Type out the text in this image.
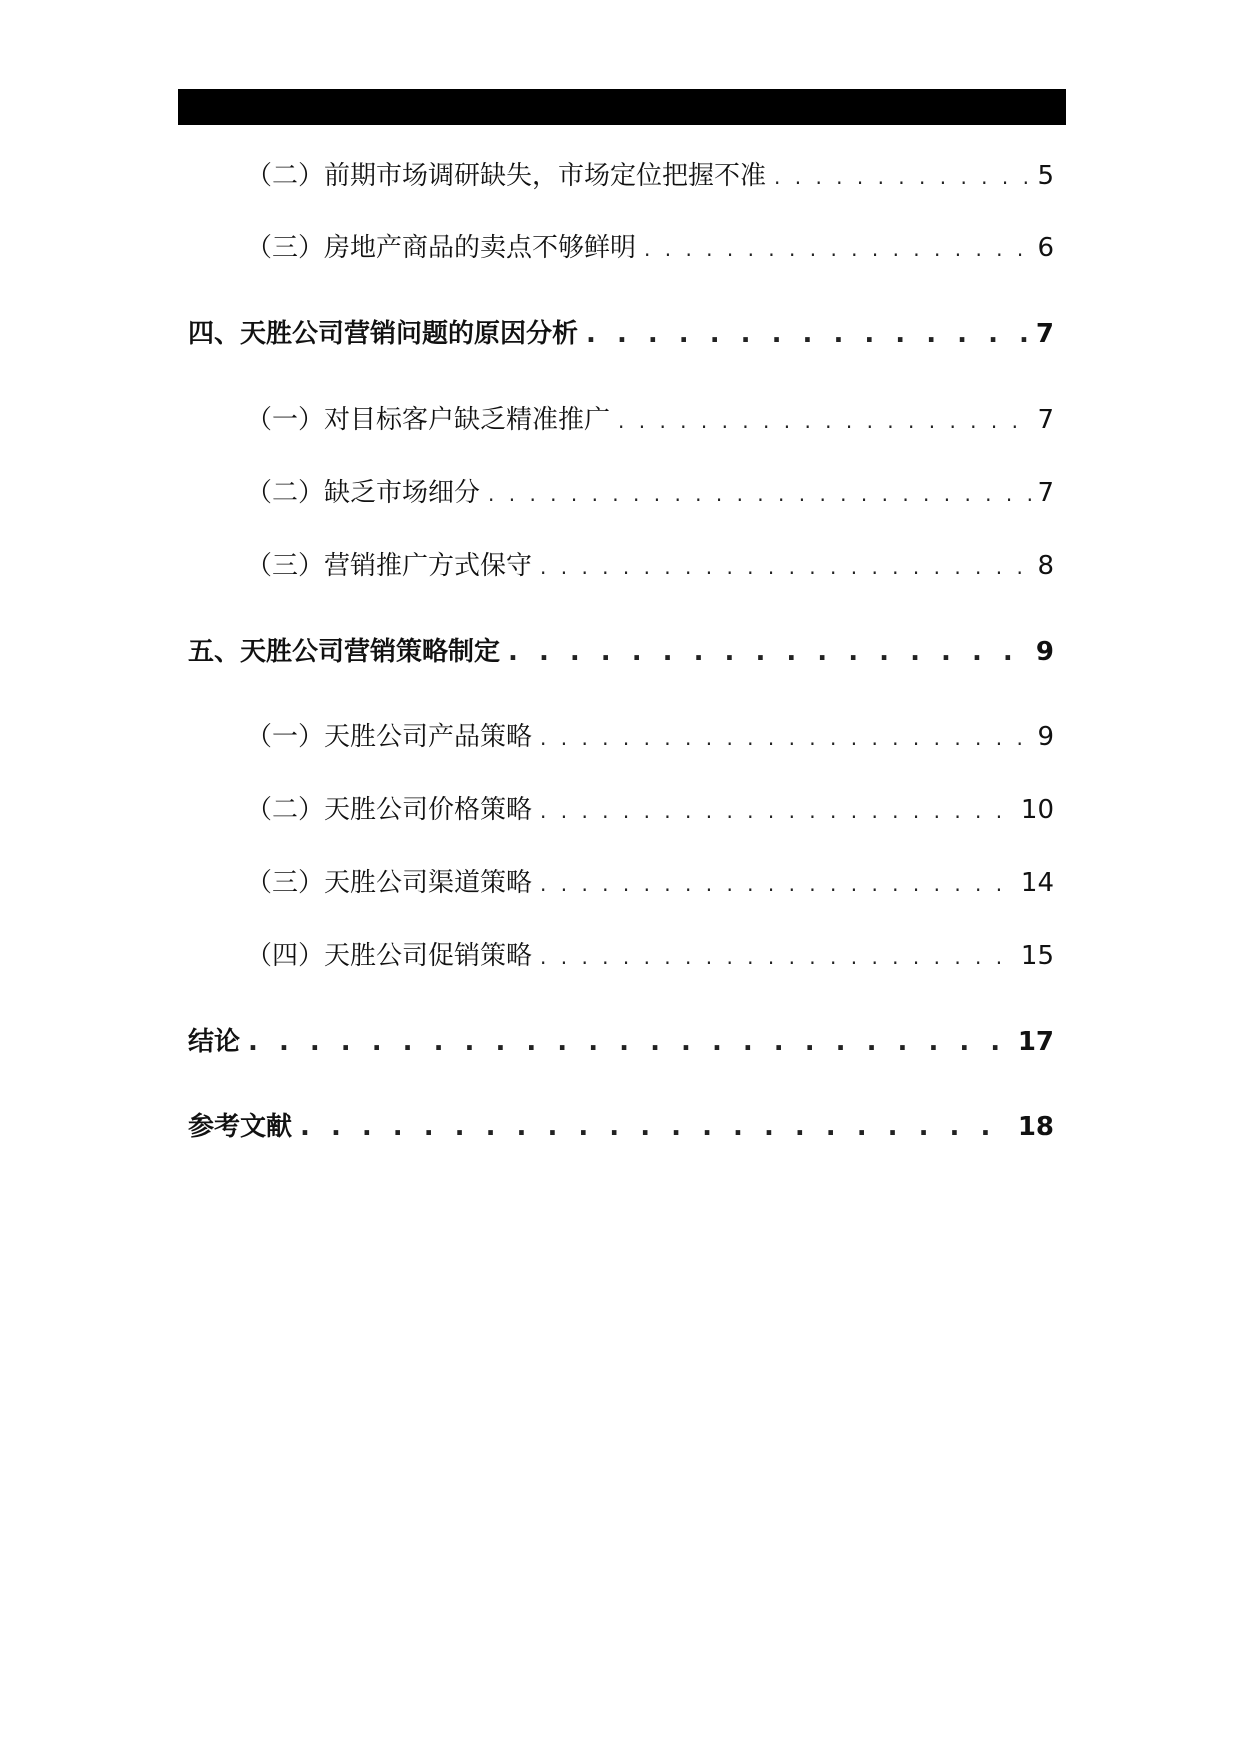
（二）前期市场调研缺失，市场定位把握不准 . . .	5
（三）房地产商品的卖点不够鲜明 . . .	6
四、天胜公司营销问题的原因分析 . . .	7
（一）对目标客户缺乏精准推广 . . .	7
（二）缺乏市场细分 . . .	7
（三）营销推广方式保守 . . .	8
五、天胜公司营销策略制定 . . .	9
（一）天胜公司产品策略 . . .	9
（二）天胜公司价格策略 . . .	10
（三）天胜公司渠道策略 . . .	14
（四）天胜公司促销策略 . . .	15
结论 . . .	17
参考文献 . . .	18
